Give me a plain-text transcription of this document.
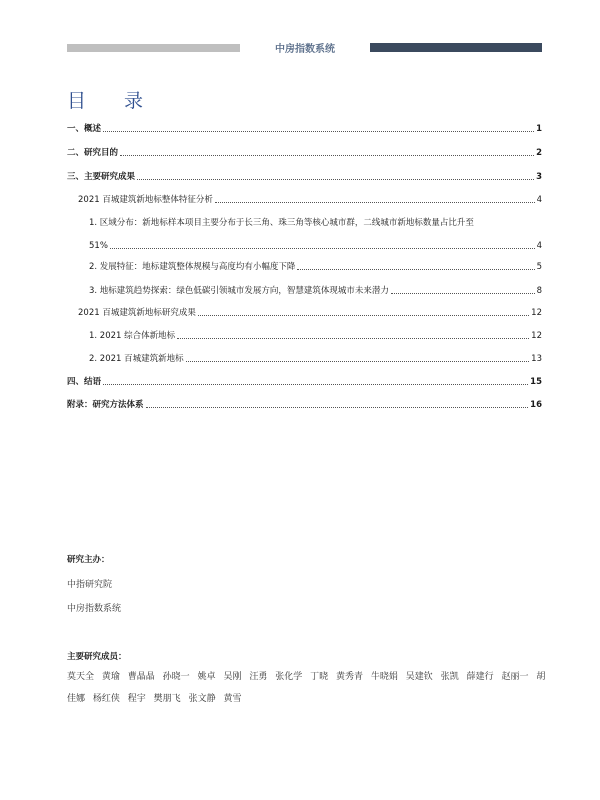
中房指数系统
目 录
一、概述	1
二、研究目的	2
三、主要研究成果	3
2021 百城建筑新地标整体特征分析	4
1. 区域分布：新地标样本项目主要分布于长三角、珠三角等核心城市群，二线城市新地标数量占比升至
51%	4
2. 发展特征：地标建筑整体规模与高度均有小幅度下降	5
3. 地标建筑趋势探索：绿色低碳引领城市发展方向，智慧建筑体现城市未来潜力	8
2021 百城建筑新地标研究成果	12
1. 2021 综合体新地标	12
2. 2021 百城建筑新地标	13
四、结语	15
附录：研究方法体系	16
研究主办：
中指研究院
中房指数系统
主要研究成员：
莫天全 黄瑜 曹晶晶 孙晓一 姚卓 吴刚 汪勇 张化学 丁晓 黄秀青 牛晓娟 吴建钦 张凯 薛建行 赵丽一 胡佳娜 杨红侠 程宇 樊朋飞 张文静 黄雪
